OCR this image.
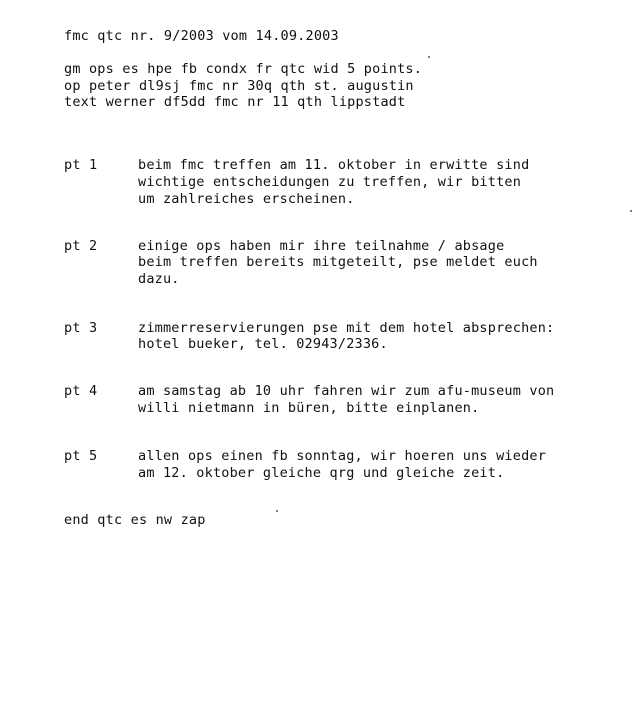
fmc qtc nr. 9/2003 vom 14.09.2003
gm ops es hpe fb condx fr qtc wid 5 points.
op peter dl9sj fmc nr 30q qth st. augustin
text werner df5dd fmc nr 11 qth lippstadt
pt 1	beim fmc treffen am 11. oktober in erwitte sind
wichtige entscheidungen zu treffen, wir bitten
um zahlreiches erscheinen.
pt 2	einige ops haben mir ihre teilnahme / absage
beim treffen bereits mitgeteilt, pse meldet euch
dazu.
pt 3	zimmerreservierungen pse mit dem hotel absprechen:
hotel bueker, tel. 02943/2336.
pt 4	am samstag ab 10 uhr fahren wir zum afu-museum von
willi nietmann in büren, bitte einplanen.
pt 5	allen ops einen fb sonntag, wir hoeren uns wieder
am 12. oktober gleiche qrg und gleiche zeit.
end qtc es nw zap
